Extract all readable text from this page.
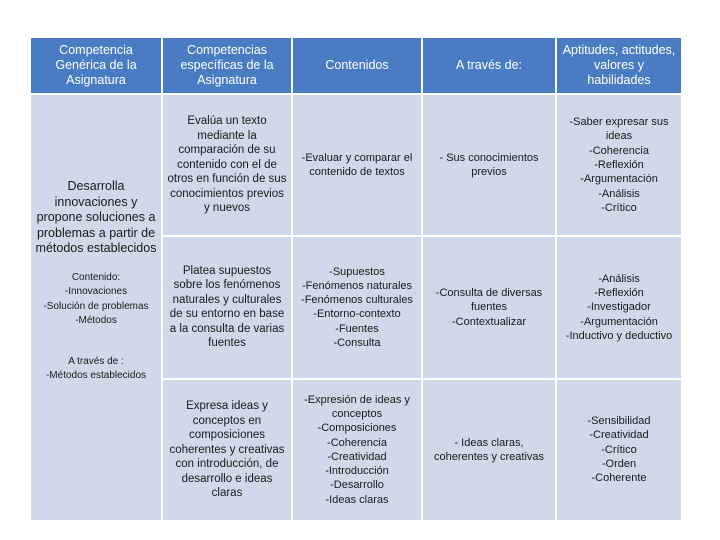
Competencia Genérica de la Asignatura
Competencias específicas de la Asignatura
Contenidos	A través de:
Aptitudes, actitudes, valores y habilidades
Desarrolla innovaciones y propone soluciones a problemas a partir de métodos establecidos
Contenido:
-Innovaciones
-Solución de problemas
-Métodos
A través de :
-Métodos establecidos
Evalúa un texto mediante la comparación de su contenido con el de otros en función de sus conocimientos previos y nuevos
-Evaluar y comparar el contenido de textos
- Sus conocimientos previos
-Saber expresar sus ideas
-Coherencia
-Reflexión
-Argumentación
-Análisis
-Crítico
Platea supuestos sobre los fenómenos naturales y culturales de su entorno en base a la consulta de varias fuentes
-Supuestos
-Fenómenos naturales
-Fenómenos culturales
-Entorno-contexto
-Fuentes
-Consulta
-Consulta de diversas fuentes
-Contextualizar
-Análisis
-Reflexión
-Investigador
-Argumentación
-Inductivo y deductivo
Expresa ideas y conceptos en composiciones coherentes y creativas con introducción, de desarrollo e ideas claras
-Expresión de ideas y conceptos
-Composiciones
-Coherencia
-Creatividad
-Introducción
-Desarrollo
-Ideas claras
- Ideas claras, coherentes y creativas
-Sensibilidad
-Creatividad
-Crítico
-Orden
-Coherente
